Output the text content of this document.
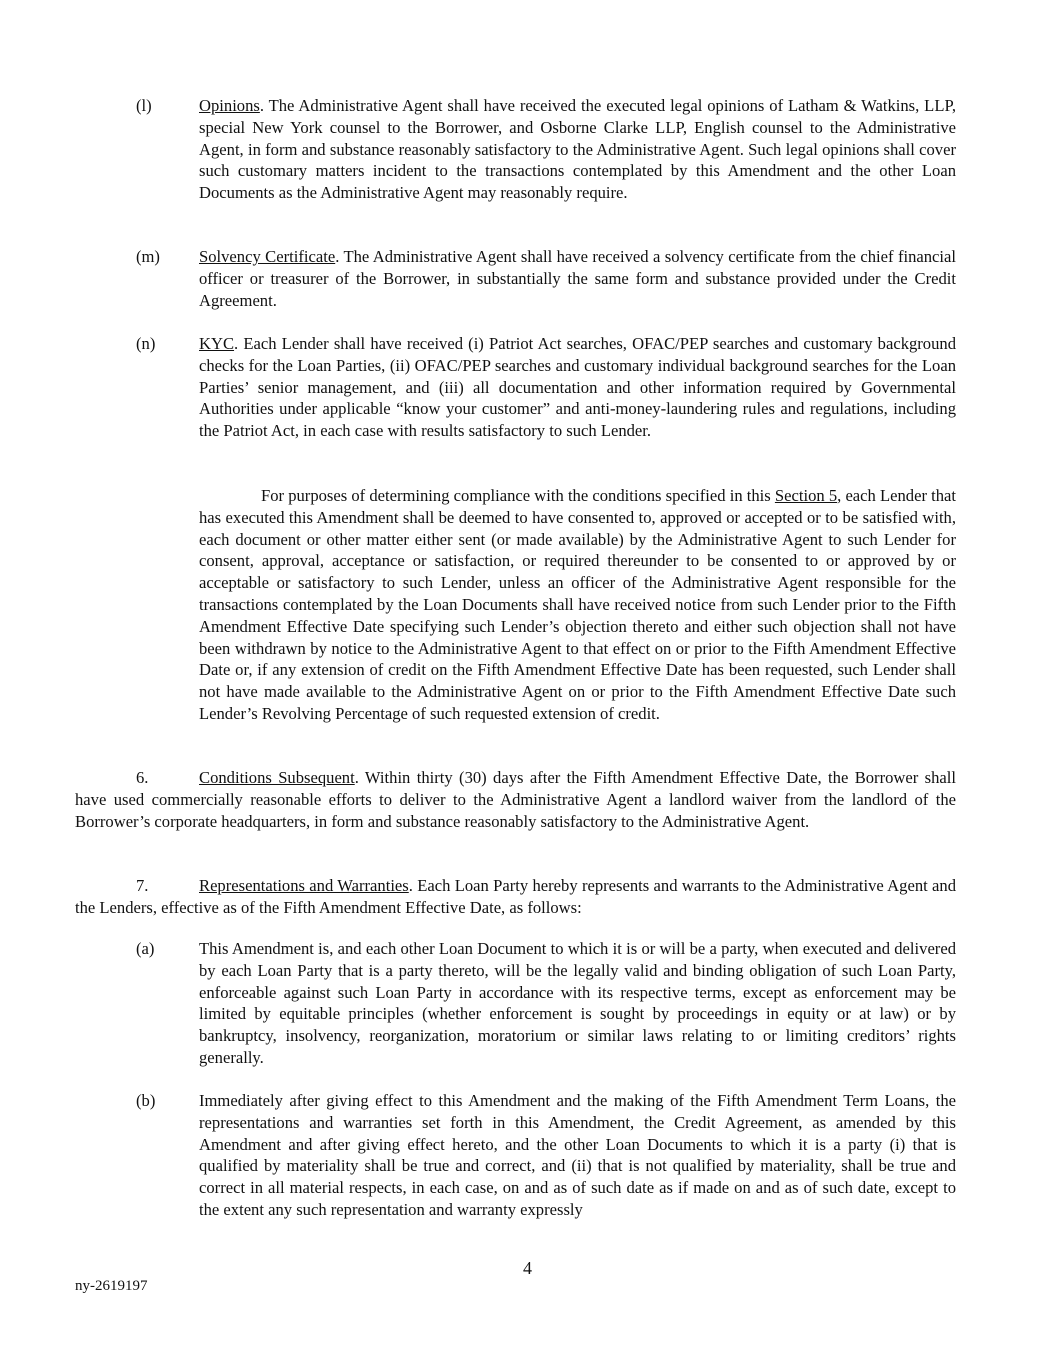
(l)	Opinions. The Administrative Agent shall have received the executed legal opinions of Latham & Watkins, LLP, special New York counsel to the Borrower, and Osborne Clarke LLP, English counsel to the Administrative Agent, in form and substance reasonably satisfactory to the Administrative Agent. Such legal opinions shall cover such customary matters incident to the transactions contemplated by this Amendment and the other Loan Documents as the Administrative Agent may reasonably require.

(m) Solvency Certificate. The Administrative Agent shall have received a solvency certificate from the chief financial officer or treasurer of the Borrower, in substantially the same form and substance provided under the Credit Agreement.

(n)	KYC. Each Lender shall have received (i) Patriot Act searches, OFAC/PEP searches and customary background checks for the Loan Parties, (ii) OFAC/PEP searches and customary individual background searches for the Loan Parties’ senior management, and (iii) all documentation and other information required by Governmental Authorities under applicable “know your customer” and anti-money-laundering rules and regulations, including the Patriot Act, in each case with results satisfactory to such Lender.

For purposes of determining compliance with the conditions specified in this Section 5, each Lender that has executed this Amendment shall be deemed to have consented to, approved or accepted or to be satisfied with, each document or other matter either sent (or made available) by the Administrative Agent to such Lender for consent, approval, acceptance or satisfaction, or required thereunder to be consented to or approved by or acceptable or satisfactory to such Lender, unless an officer of the Administrative Agent responsible for the transactions contemplated by the Loan Documents shall have received notice from such Lender prior to the Fifth Amendment Effective Date specifying such Lender’s objection thereto and either such objection shall not have been withdrawn by notice to the Administrative Agent to that effect on or prior to the Fifth Amendment Effective Date or, if any extension of credit on the Fifth Amendment Effective Date has been requested, such Lender shall not have made available to the Administrative Agent on or prior to the Fifth Amendment Effective Date such Lender’s Revolving Percentage of such requested extension of credit.

6.	Conditions Subsequent. Within thirty (30) days after the Fifth Amendment Effective Date, the Borrower shall have used commercially reasonable efforts to deliver to the Administrative Agent a landlord waiver from the landlord of the Borrower’s corporate headquarters, in form and substance reasonably satisfactory to the Administrative Agent.

7.	Representations and Warranties. Each Loan Party hereby represents and warrants to the Administrative Agent and the Lenders, effective as of the Fifth Amendment Effective Date, as follows:

(a)	This Amendment is, and each other Loan Document to which it is or will be a party, when executed and delivered by each Loan Party that is a party thereto, will be the legally valid and binding obligation of such Loan Party, enforceable against such Loan Party in accordance with its respective terms, except as enforcement may be limited by equitable principles (whether enforcement is sought by proceedings in equity or at law) or by bankruptcy, insolvency, reorganization, moratorium or similar laws relating to or limiting creditors’ rights generally.

(b)	Immediately after giving effect to this Amendment and the making of the Fifth Amendment Term Loans, the representations and warranties set forth in this Amendment, the Credit Agreement, as amended by this Amendment and after giving effect hereto, and the other Loan Documents to which it is a party (i) that is qualified by materiality shall be true and correct, and (ii) that is not qualified by materiality, shall be true and correct in all material respects, in each case, on and as of such date as if made on and as of such date, except to the extent any such representation and warranty expressly

4
ny-2619197
